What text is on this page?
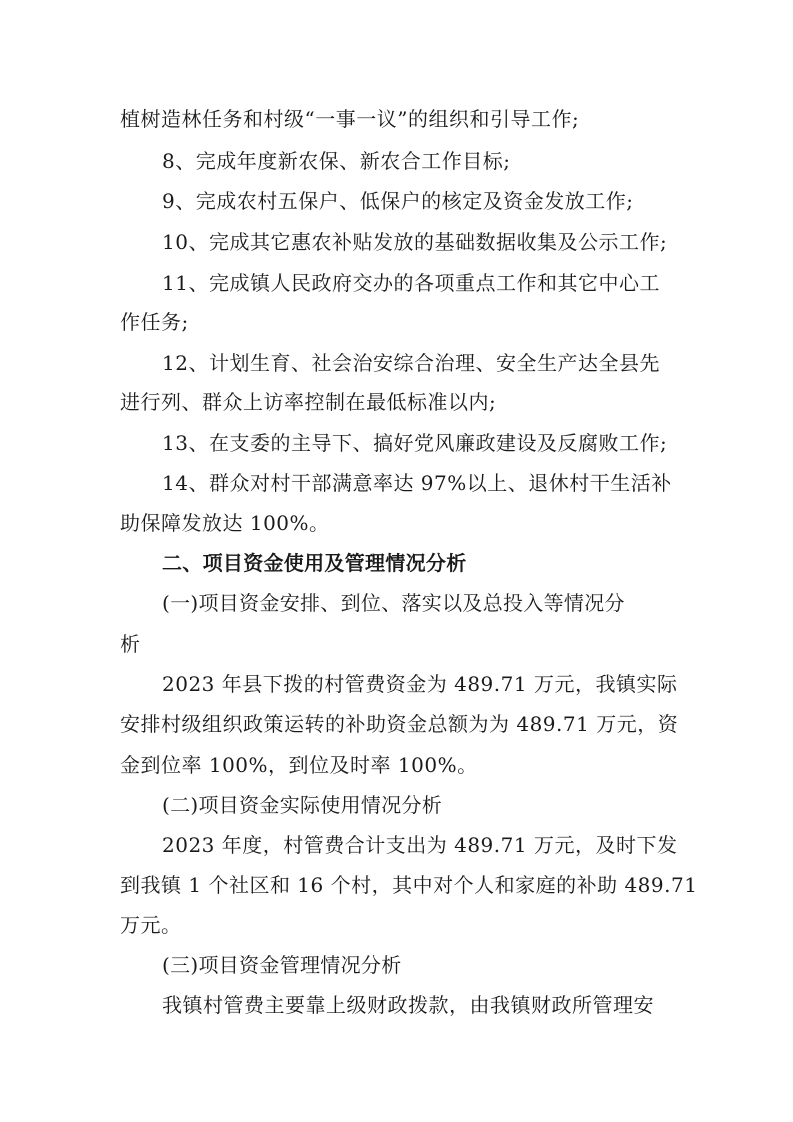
植树造林任务和村级“一事一议”的组织和引导工作;
8、完成年度新农保、新农合工作目标;
9、完成农村五保户、低保户的核定及资金发放工作;
10、完成其它惠农补贴发放的基础数据收集及公示工作;
11、完成镇人民政府交办的各项重点工作和其它中心工
作任务;
12、计划生育、社会治安综合治理、安全生产达全县先
进行列、群众上访率控制在最低标准以内;
13、在支委的主导下、搞好党风廉政建设及反腐败工作;
14、群众对村干部满意率达 97%以上、退休村干生活补
助保障发放达 100%。
二、项目资金使用及管理情况分析
(一)项目资金安排、到位、落实以及总投入等情况分
析
2023 年县下拨的村管费资金为 489.71 万元，我镇实际
安排村级组织政策运转的补助资金总额为为 489.71 万元，资
金到位率 100%，到位及时率 100%。
(二)项目资金实际使用情况分析
2023 年度，村管费合计支出为 489.71 万元，及时下发
到我镇 1 个社区和 16 个村，其中对个人和家庭的补助 489.71
万元。
(三)项目资金管理情况分析
我镇村管费主要靠上级财政拨款，由我镇财政所管理安
